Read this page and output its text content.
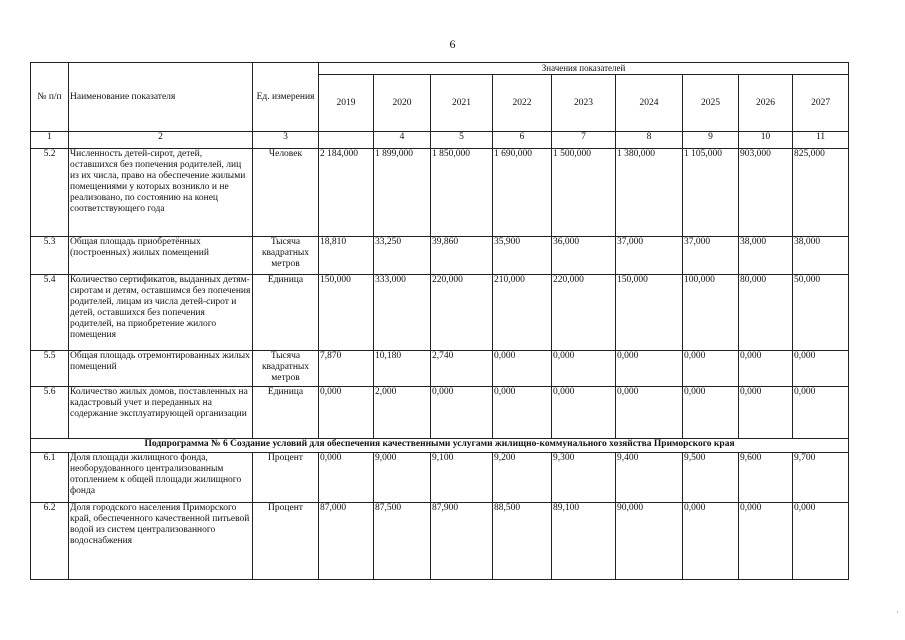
6
№ п/п	Наименование показателя	Ед. измерения	Значения показателей								
			2019	2020	2021	2022	2023	2024	2025	2026	2027
1	2	3		4	5	6	7	8	9	10	11
5.2	Численность детей-сирот, детей, оставшихся без попечения родителей, лиц из их числа, право на обеспечение жилыми помещениями у которых возникло и не реализовано, по состоянию на конец соответствующего года	Человек	2 184,000	1 899,000	1 850,000	1 690,000	1 500,000	1 380,000	1 105,000	903,000	825,000
5.3	Общая площадь приобретённых (построенных) жилых помещений	Тысяча квадратных метров	18,810	33,250	39,860	35,900	36,000	37,000	37,000	38,000	38,000
5.4	Количество сертификатов, выданных детям-сиротам и детям, оставшимся без попечения родителей, лицам из числа детей-сирот и детей, оставшихся без попечения родителей, на приобретение жилого помещения	Единица	150,000	333,000	220,000	210,000	220,000	150,000	100,000	80,000	50,000
5.5	Общая площадь отремонтированных жилых помещений	Тысяча квадратных метров	7,870	10,180	2,740	0,000	0,000	0,000	0,000	0,000	0,000
5.6	Количество жилых домов, поставленных на кадастровый учет и переданных на содержание эксплуатирующей организации	Единица	0,000	2,000	0,000	0,000	0,000	0,000	0,000	0,000	0,000
Подпрограмма № 6 Создание условий для обеспечения качественными услугами жилищно-коммунального хозяйства Приморского края											
6.1	Доля площади жилищного фонда, необорудованного централизованным отоплением к общей площади жилищного фонда	Процент	0,000	9,000	9,100	9,200	9,300	9,400	9,500	9,600	9,700
6.2	Доля городского населения Приморского край, обеспеченного качественной питьевой водой из систем централизованного водоснабжения	Процент	87,000	87,500	87,900	88,500	89,100	90,000	0,000	0,000	0,000
·
